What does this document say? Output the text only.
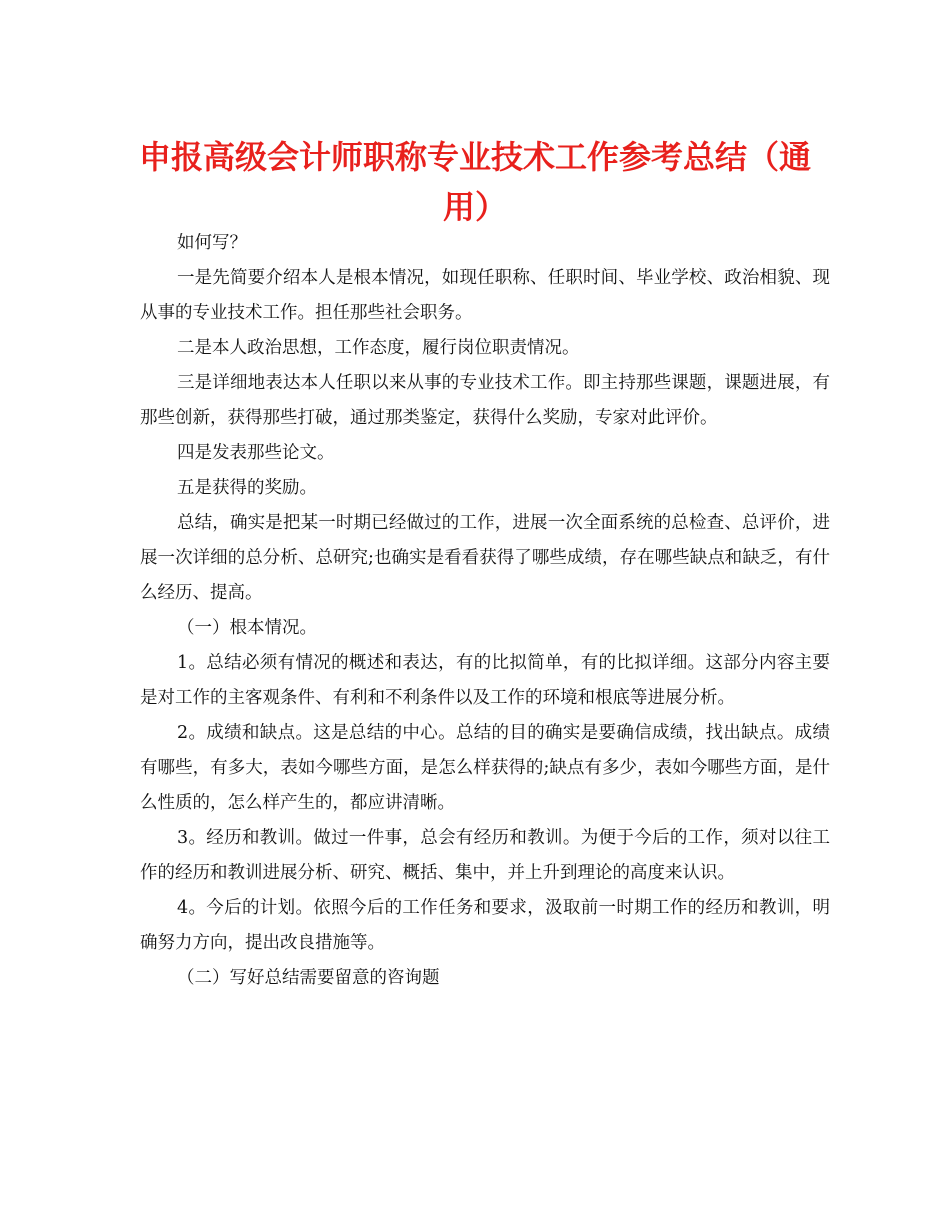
申报高级会计师职称专业技术工作参考总结（通用）

如何写？

一是先简要介绍本人是根本情况，如现任职称、任职时间、毕业学校、政治相貌、现从事的专业技术工作。担任那些社会职务。

二是本人政治思想，工作态度，履行岗位职责情况。

三是详细地表达本人任职以来从事的专业技术工作。即主持那些课题，课题进展，有那些创新，获得那些打破，通过那类鉴定，获得什么奖励，专家对此评价。

四是发表那些论文。

五是获得的奖励。

总结，确实是把某一时期已经做过的工作，进展一次全面系统的总检查、总评价，进展一次详细的总分析、总研究;也确实是看看获得了哪些成绩，存在哪些缺点和缺乏，有什么经历、提高。

（一）根本情况。

1。总结必须有情况的概述和表达，有的比拟简单，有的比拟详细。这部分内容主要是对工作的主客观条件、有利和不利条件以及工作的环境和根底等进展分析。

2。成绩和缺点。这是总结的中心。总结的目的确实是要确信成绩，找出缺点。成绩有哪些，有多大，表如今哪些方面，是怎么样获得的;缺点有多少，表如今哪些方面，是什么性质的，怎么样产生的，都应讲清晰。

3。经历和教训。做过一件事，总会有经历和教训。为便于今后的工作，须对以往工作的经历和教训进展分析、研究、概括、集中，并上升到理论的高度来认识。

4。今后的计划。依照今后的工作任务和要求，汲取前一时期工作的经历和教训，明确努力方向，提出改良措施等。

（二）写好总结需要留意的咨询题
